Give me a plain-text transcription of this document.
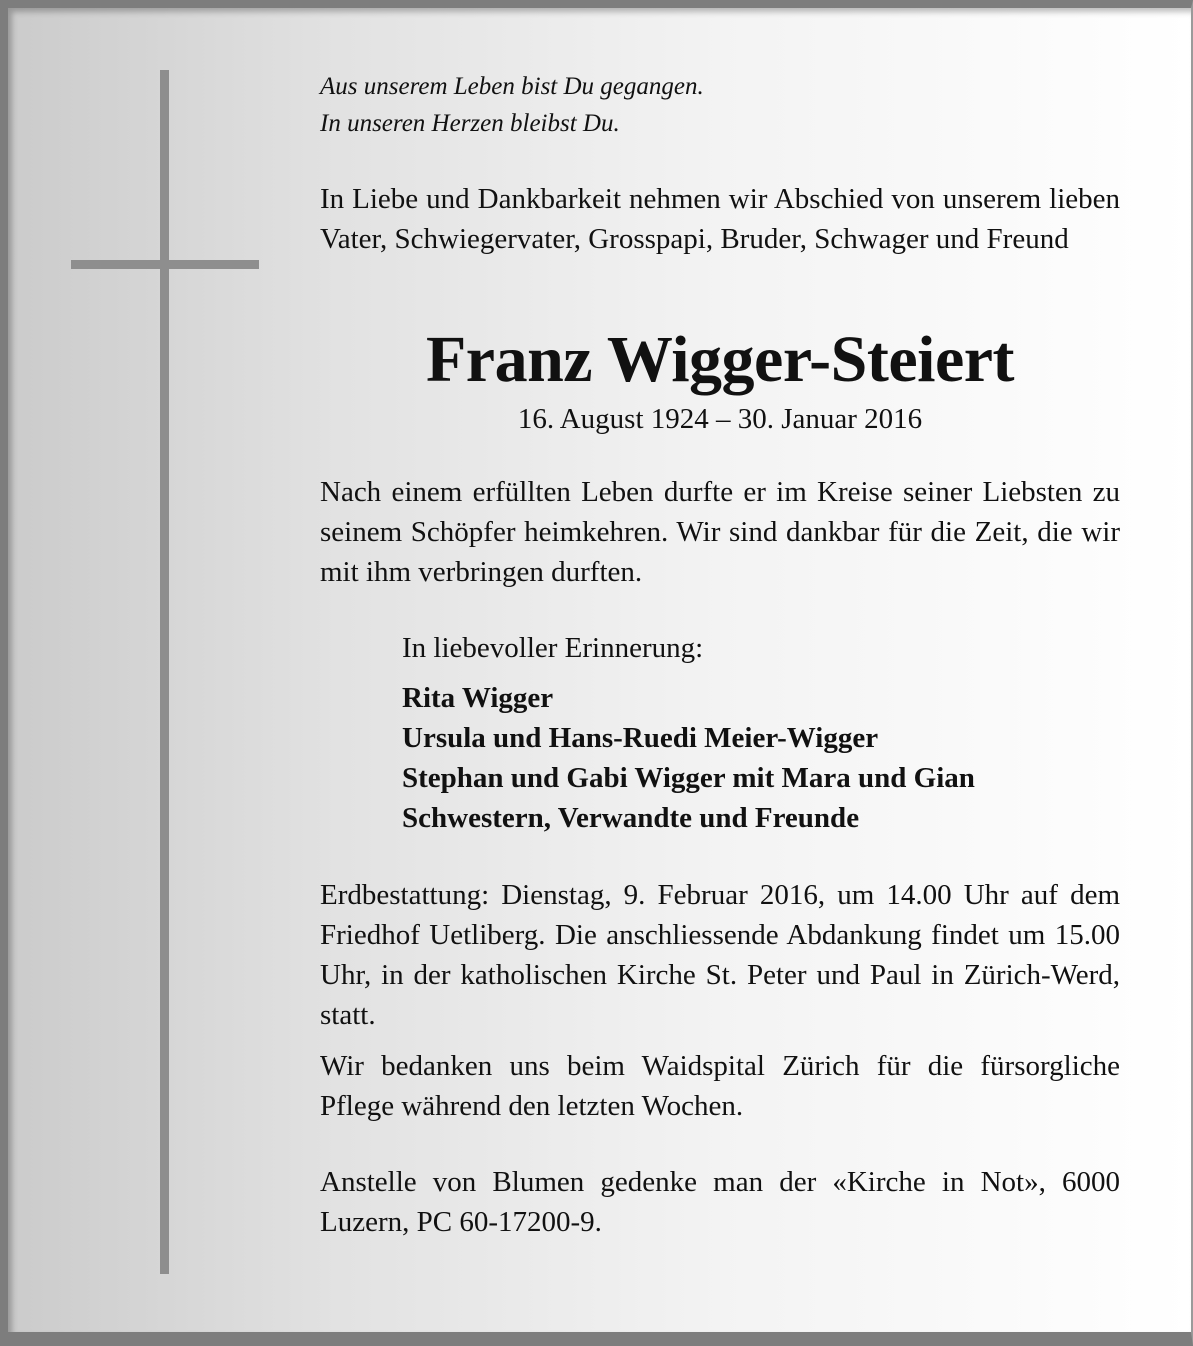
Aus unserem Leben bist Du gegangen.
In unseren Herzen bleibst Du.

In Liebe und Dankbarkeit nehmen wir Abschied von unserem lieben Vater, Schwiegervater, Grosspapi, Bruder, Schwager und Freund

Franz Wigger-Steiert
16. August 1924 – 30. Januar 2016

Nach einem erfüllten Leben durfte er im Kreise seiner Liebsten zu seinem Schöpfer heimkehren. Wir sind dankbar für die Zeit, die wir mit ihm verbringen durften.

In liebevoller Erinnerung:
Rita Wigger
Ursula und Hans-Ruedi Meier-Wigger
Stephan und Gabi Wigger mit Mara und Gian
Schwestern, Verwandte und Freunde

Erdbestattung: Dienstag, 9. Februar 2016, um 14.00 Uhr auf dem Friedhof Uetliberg. Die anschliessende Abdankung findet um 15.00 Uhr, in der katholischen Kirche St. Peter und Paul in Zürich-Werd, statt.

Wir bedanken uns beim Waidspital Zürich für die fürsorgliche Pflege während den letzten Wochen.

Anstelle von Blumen gedenke man der «Kirche in Not», 6000 Luzern, PC 60-17200-9.
